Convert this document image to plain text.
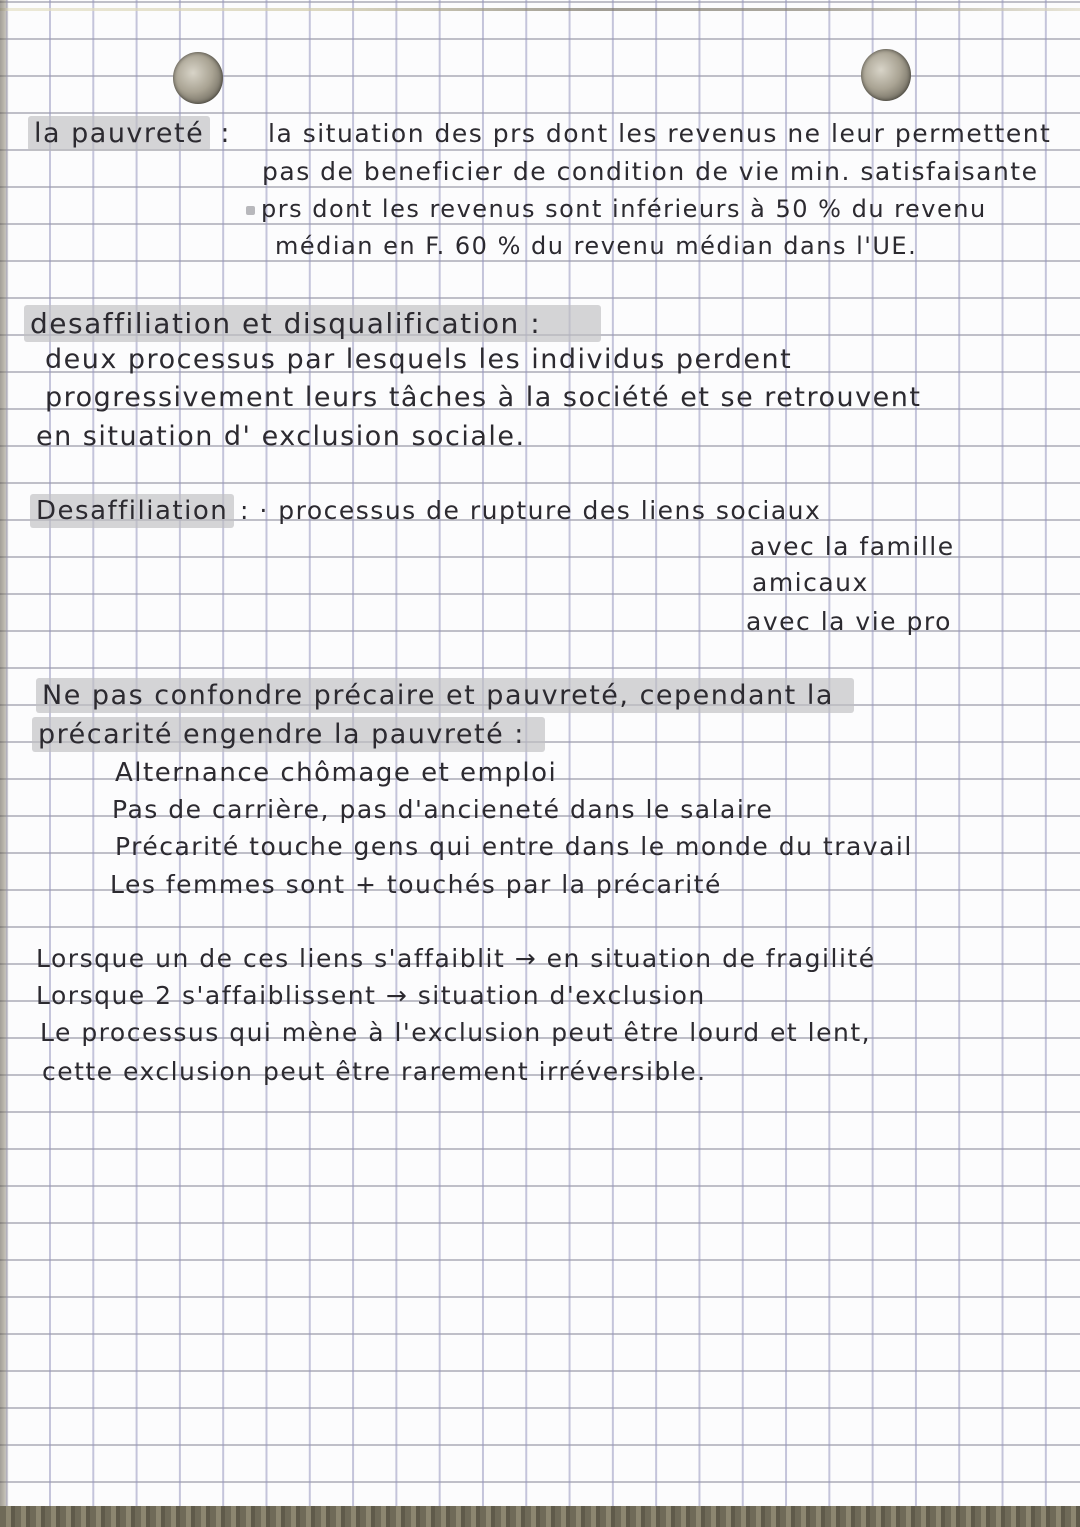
la pauvreté : la situation des prs dont les revenus ne leur permettent
pas de beneficier de condition de vie min. satisfaisante
prs dont les revenus sont inférieurs à 50 % du revenu
médian en F. 60 % du revenu médian dans l'UE.
desaffiliation et disqualification :
deux processus par lesquels les individus perdent
progressivement leurs tâches à la société et se retrouvent
en situation d' exclusion sociale.
Desaffiliation : · processus de rupture des liens sociaux
avec la famille
amicaux
avec la vie pro
Ne pas confondre précaire et pauvreté, cependant la
précarité engendre la pauvreté :
Alternance chômage et emploi
Pas de carrière, pas d'ancieneté dans le salaire
Précarité touche gens qui entre dans le monde du travail
Les femmes sont + touchés par la précarité
Lorsque un de ces liens s'affaiblit → en situation de fragilité
Lorsque 2 s'affaiblissent → situation d'exclusion
Le processus qui mène à l'exclusion peut être lourd et lent,
cette exclusion peut être rarement irréversible.
